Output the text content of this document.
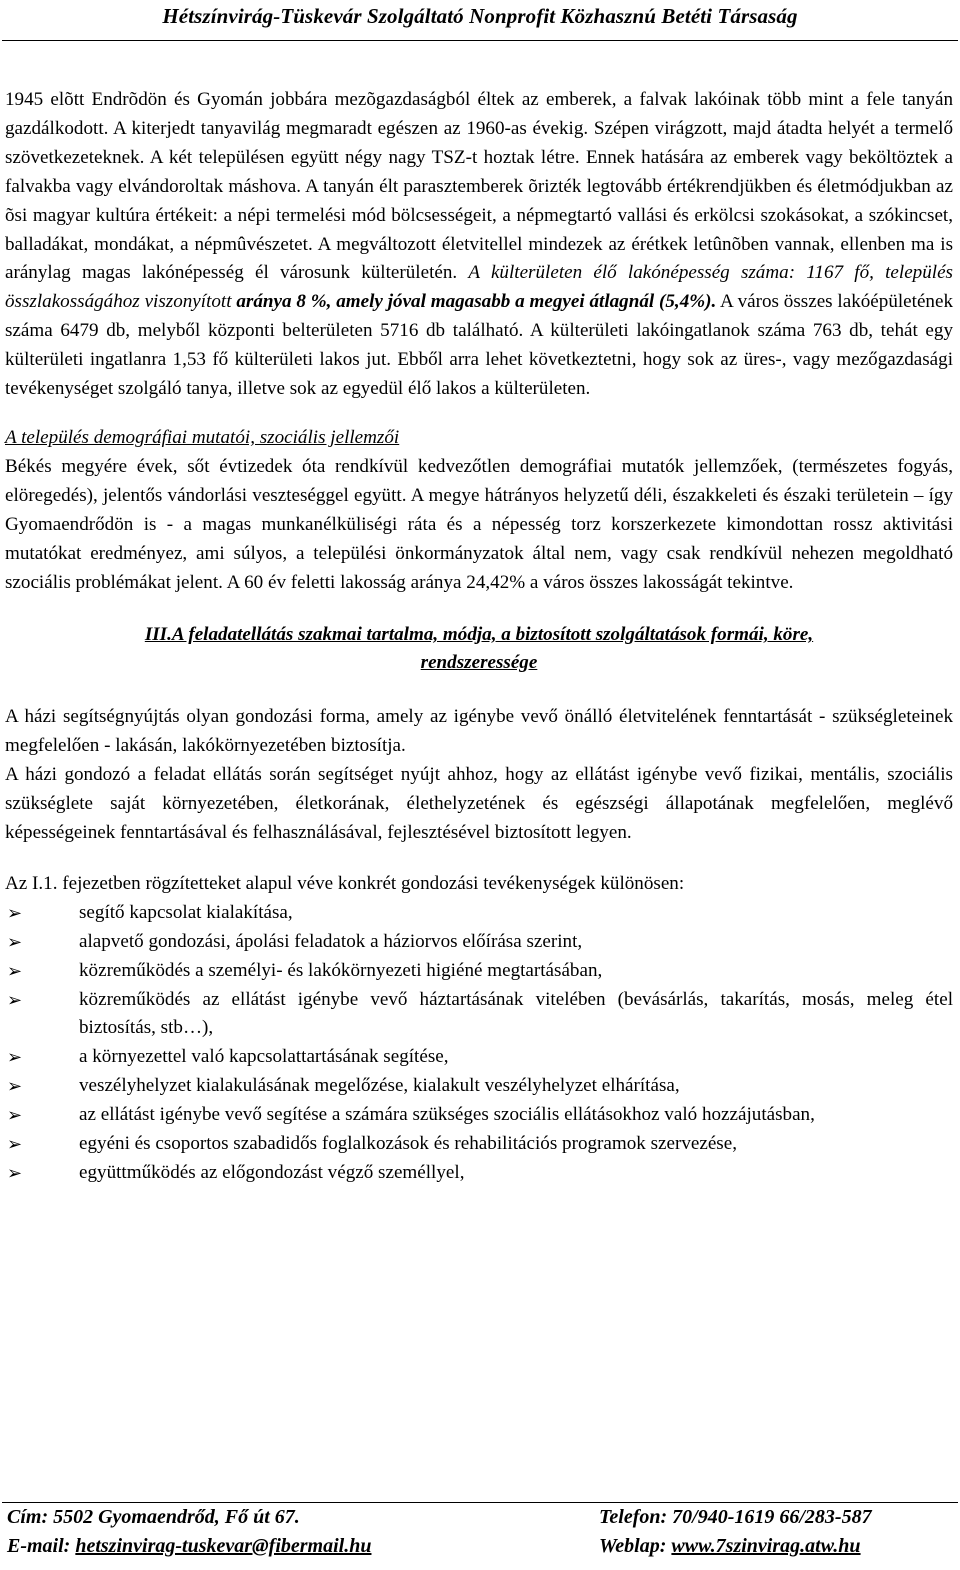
Hétszínvirág-Tüskevár Szolgáltató Nonprofit Közhasznú Betéti Társaság

1945 elõtt Endrõdön és Gyomán jobbára mezõgazdaságból éltek az emberek, a falvak lakóinak több mint a fele tanyán gazdálkodott. A kiterjedt tanyavilág megmaradt egészen az 1960-as évekig. Szépen virágzott, majd átadta helyét a termelő szövetkezeteknek. A két településen együtt négy nagy TSZ-t hoztak létre. Ennek hatására az emberek vagy beköltöztek a falvakba vagy elvándoroltak máshova. A tanyán élt parasztemberek õrizték legtovább értékrendjükben és életmódjukban az õsi magyar kultúra értékeit: a népi termelési mód bölcsességeit, a népmegtartó vallási és erkölcsi szokásokat, a szókincset, balladákat, mondákat, a népmûvészetet. A megváltozott életvitellel mindezek az érétkek letûnõben vannak, ellenben ma is aránylag magas lakónépesség él városunk külterületén. A külterületen élő lakónépesség száma: 1167 fő, település összlakosságához viszonyított aránya 8 %, amely jóval magasabb a megyei átlagnál (5,4%). A város összes lakóépületének száma 6479 db, melyből központi belterületen 5716 db található. A külterületi lakóingatlanok száma 763 db, tehát egy külterületi ingatlanra 1,53 fő külterületi lakos jut. Ebből arra lehet következtetni, hogy sok az üres-, vagy mezőgazdasági tevékenységet szolgáló tanya, illetve sok az egyedül élő lakos a külterületen.

A település demográfiai mutatói, szociális jellemzői

Békés megyére évek, sőt évtizedek óta rendkívül kedvezőtlen demográfiai mutatók jellemzőek, (természetes fogyás, elöregedés), jelentős vándorlási veszteséggel együtt. A megye hátrányos helyzetű déli, északkeleti és északi területein – így Gyomaendrődön is - a magas munkanélküliségi ráta és a népesség torz korszerkezete kimondottan rossz aktivitási mutatókat eredményez, ami súlyos, a települési önkormányzatok által nem, vagy csak rendkívül nehezen megoldható szociális problémákat jelent. A 60 év feletti lakosság aránya 24,42% a város összes lakosságát tekintve.

III.A feladatellátás szakmai tartalma, módja, a biztosított szolgáltatások formái, köre,
rendszeressége

A házi segítségnyújtás olyan gondozási forma, amely az igénybe vevő önálló életvitelének fenntartását - szükségleteinek megfelelően - lakásán, lakókörnyezetében biztosítja.

A házi gondozó a feladat ellátás során segítséget nyújt ahhoz, hogy az ellátást igénybe vevő fizikai, mentális, szociális szükséglete saját környezetében, életkorának, élethelyzetének és egészségi állapotának megfelelően, meglévő képességeinek fenntartásával és felhasználásával, fejlesztésével biztosított legyen.

Az I.1. fejezetben rögzítetteket alapul véve konkrét gondozási tevékenységek különösen:

➢	segítő kapcsolat kialakítása,
➢	alapvető gondozási, ápolási feladatok a háziorvos előírása szerint,
➢	közreműködés a személyi- és lakókörnyezeti higiéné megtartásában,
➢	közreműködés az ellátást igénybe vevő háztartásának vitelében (bevásárlás, takarítás, mosás, meleg étel biztosítás, stb…),
➢	a környezettel való kapcsolattartásának segítése,
➢	veszélyhelyzet kialakulásának megelőzése, kialakult veszélyhelyzet elhárítása,
➢	az ellátást igénybe vevő segítése a számára szükséges szociális ellátásokhoz való hozzájutásban,
➢	egyéni és csoportos szabadidős foglalkozások és rehabilitációs programok szervezése,
➢	együttműködés az előgondozást végző személlyel,
Cím: 5502 Gyomaendrőd, Fő út 67.	Telefon: 70/940-1619 66/283-587
E-mail: hetszinvirag-tuskevar@fibermail.hu	Weblap: www.7szinvirag.atw.hu
